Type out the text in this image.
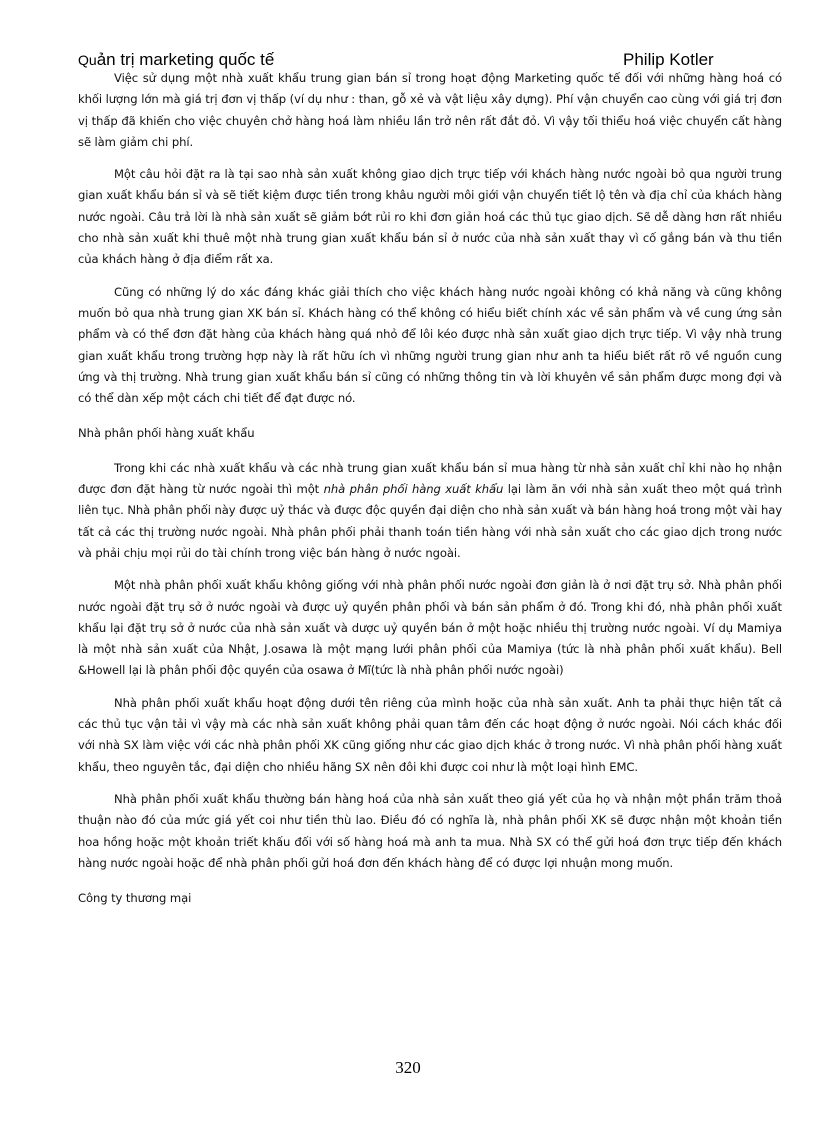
Quản trị marketing quốc tế	Philip Kotler

Việc sử dụng một nhà xuất khẩu trung gian bán sỉ trong hoạt động Marketing quốc tế đối với những hàng hoá có khối lượng lớn mà giá trị đơn vị thấp (ví dụ như : than, gỗ xẻ và vật liệu xây dựng). Phí vận chuyển cao cùng với giá trị đơn vị thấp đã khiến cho việc chuyên chở hàng hoá làm nhiều lần trở nên rất đắt đỏ. Vì vậy tối thiểu hoá việc chuyển cất hàng sẽ làm giảm chi phí.

Một câu hỏi đặt ra là tại sao nhà sản xuất không giao dịch trực tiếp với khách hàng nước ngoài bỏ qua người trung gian xuất khẩu bán sỉ và sẽ tiết kiệm được tiền trong khâu người môi giới vận chuyển tiết lộ tên và địa chỉ của khách hàng nước ngoài. Câu trả lời là nhà sản xuất sẽ giảm bớt rủi ro khi đơn giản hoá các thủ tục giao dịch. Sẽ dễ dàng hơn rất nhiều cho nhà sản xuất khi thuê một nhà trung gian xuất khẩu bán sỉ ở nước của nhà sản xuất thay vì cố gắng bán và thu tiền của khách hàng ở địa điểm rất xa.

Cũng có những lý do xác đáng khác giải thích cho việc khách hàng nước ngoài không có khả năng và cũng không muốn bỏ qua nhà trung gian XK bán sỉ. Khách hàng có thể không có hiểu biết chính xác về sản phẩm và về cung ứng sản phẩm và có thể đơn đặt hàng của khách hàng quá nhỏ để lôi kéo được nhà sản xuất giao dịch trực tiếp. Vì vậy nhà trung gian xuất khẩu trong trường hợp này là rất hữu ích vì những người trung gian như anh ta hiểu biết rất rõ về nguồn cung ứng và thị trường. Nhà trung gian xuất khẩu bán sỉ cũng có những thông tin và lời khuyên về sản phẩm được mong đợi và có thể dàn xếp một cách chi tiết để đạt được nó.

Nhà phân phối hàng xuất khẩu

Trong khi các nhà xuất khẩu và các nhà trung gian xuất khẩu bán sỉ mua hàng từ nhà sản xuất chỉ khi nào họ nhận được đơn đặt hàng từ nước ngoài thì một nhà phân phối hàng xuất khẩu lại làm ăn với nhà sản xuất theo một quá trình liên tục. Nhà phân phối này được uỷ thác và được độc quyền đại diện cho nhà sản xuất và bán hàng hoá trong một vài hay tất cả các thị trường nước ngoài. Nhà phân phối phải thanh toán tiền hàng với nhà sản xuất cho các giao dịch trong nước và phải chịu mọi rủi do tài chính trong việc bán hàng ở nước ngoài.

Một nhà phân phối xuất khẩu không giống với nhà phân phối nước ngoài đơn giản là ở nơi đặt trụ sở. Nhà phân phối nước ngoài đặt trụ sở ở nước ngoài và được uỷ quyền phân phối và bán sản phẩm ở đó. Trong khi đó, nhà phân phối xuất khẩu lại đặt trụ sở ở nước của nhà sản xuất và dược uỷ quyền bán ở một hoặc nhiều thị trường nước ngoài. Ví dụ Mamiya là một nhà sản xuất của Nhật, J.osawa là một mạng lưới phân phối của Mamiya (tức là nhà phân phối xuất khẩu). Bell &Howell lại là phân phối độc quyền của osawa ở Mĩ(tức là nhà phân phối nước ngoài)

Nhà phân phối xuất khẩu hoạt động dưới tên riêng của mình hoặc của nhà sản xuất. Anh ta phải thực hiện tất cả các thủ tục vận tải vì vậy mà các nhà sản xuất không phải quan tâm đến các hoạt động ở nước ngoài. Nói cách khác đối với nhà SX làm việc với các nhà phân phối XK cũng giống như các giao dịch khác ở trong nước. Vì nhà phân phối hàng xuất khẩu, theo nguyên tắc, đại diện cho nhiều hãng SX nên đôi khi được coi như là một loại hình EMC.

Nhà phân phối xuất khẩu thường bán hàng hoá của nhà sản xuất theo giá yết của họ và nhận một phần trăm thoả thuận nào đó của mức giá yết coi như tiền thù lao. Điều đó có nghĩa là, nhà phân phối XK sẽ được nhận một khoản tiền hoa hồng hoặc một khoản triết khấu đối với số hàng hoá mà anh ta mua. Nhà SX có thể gửi hoá đơn trực tiếp đến khách hàng nước ngoài hoặc để nhà phân phối gửi hoá đơn đến khách hàng để có được lợi nhuận mong muốn.

Công ty thương mại

320
